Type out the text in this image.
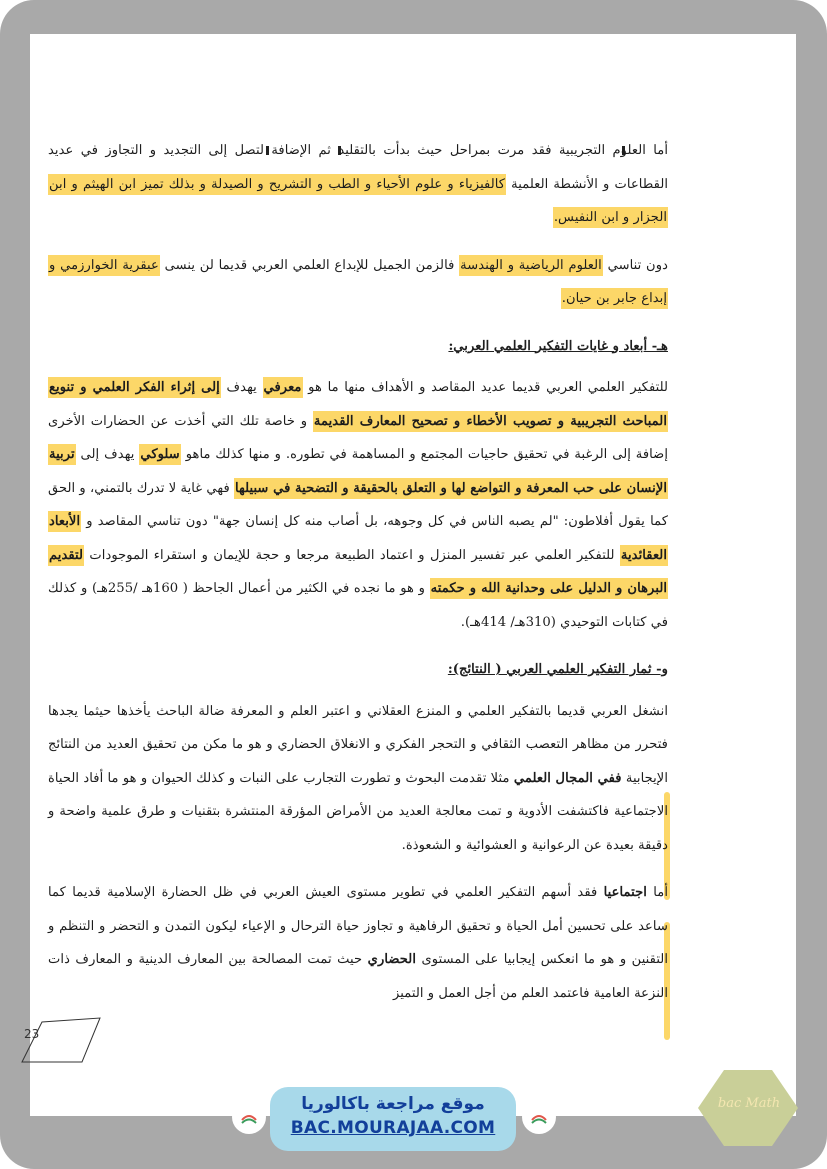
أما العلوم التجريبية فقد مرت بمراحل حيث بدأت بالتقليد ثم الإضافة لتصل إلى التجديد و التجاوز في عديد القطاعات و الأنشطة العلمية كالفيزياء و علوم الأحياء و الطب و التشريح و الصيدلة و بذلك تميز ابن الهيثم و ابن الجزار و ابن النفيس.

دون تناسي العلوم الرياضية و الهندسة فالزمن الجميل للإبداع العلمي العربي قديما لن ينسى عبقرية الخوارزمي و إبداع جابر بن حيان.

هـ- أبعاد و غايات التفكير العلمي العربي:

للتفكير العلمي العربي قديما عديد المقاصد و الأهداف منها ما هو معرفي يهدف إلى إثراء الفكر العلمي و تنويع المباحث التجريبية و تصويب الأخطاء و تصحيح المعارف القديمة و خاصة تلك التي أخذت عن الحضارات الأخرى إضافة إلى الرغبة في تحقيق حاجيات المجتمع و المساهمة في تطوره. و منها كذلك ماهو سلوكي يهدف إلى تربية الإنسان على حب المعرفة و التواضع لها و التعلق بالحقيقة و التضحية في سبيلها فهي غاية لا تدرك بالتمني، و الحق كما يقول أفلاطون: "لم يصبه الناس في كل وجوهه، بل أصاب منه كل إنسان جهة" دون تناسي المقاصد و الأبعاد العقائدية للتفكير العلمي عبر تفسير المنزل و اعتماد الطبيعة مرجعا و حجة للإيمان و استقراء الموجودات لتقديم البرهان و الدليل على وحدانية الله و حكمته و هو ما نجده في الكثير من أعمال الجاحظ ( 160هـ /255هـ) و كذلك في كتابات التوحيدي (310هـ/ 414هـ).

و- ثمار التفكير العلمي العربي ( النتائج):

انشغل العربي قديما بالتفكير العلمي و المنزع العقلاني و اعتبر العلم و المعرفة ضالة الباحث يأخذها حيثما يجدها فتحرر من مظاهر التعصب الثقافي و التحجر الفكري و الانغلاق الحضاري و هو ما مكن من تحقيق العديد من النتائج الإيجابية ففي المجال العلمي مثلا تقدمت البحوث و تطورت التجارب على النبات و كذلك الحيوان و هو ما أفاد الحياة الاجتماعية فاكتشفت الأدوية و تمت معالجة العديد من الأمراض المؤرقة المنتشرة بتقنيات و طرق علمية واضحة و دقيقة بعيدة عن الرعوانية و العشوائية و الشعوذة.

أما اجتماعيا فقد أسهم التفكير العلمي في تطوير مستوى العيش العربي في ظل الحضارة الإسلامية قديما كما ساعد على تحسين أمل الحياة و تحقيق الرفاهية و تجاوز حياة الترحال و الإعياء ليكون التمدن و التحضر و التنظم و التقنين و هو ما انعكس إيجابيا على المستوى الحضاري حيث تمت المصالحة بين المعارف الدينية و المعارف ذات النزعة العامية فاعتمد العلم من أجل العمل و التميز

23
موقع مراجعة باكالوريا
BAC.MOURAJAA.COM
bac Math
